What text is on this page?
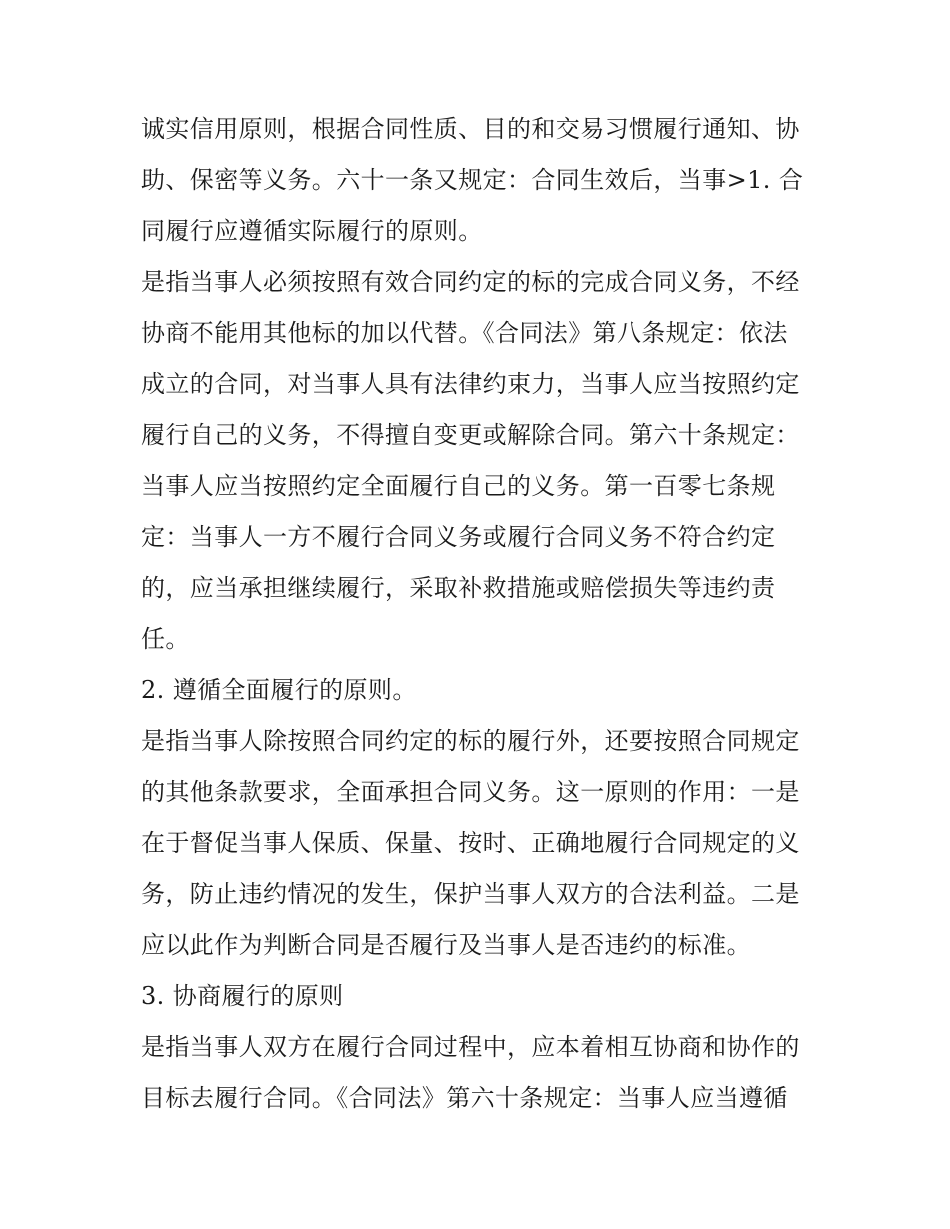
诚实信用原则，根据合同性质、目的和交易习惯履行通知、协
助、保密等义务。六十一条又规定：合同生效后，当事>1. 合
同履行应遵循实际履行的原则。
是指当事人必须按照有效合同约定的标的完成合同义务，不经
协商不能用其他标的加以代替。《合同法》第八条规定：依法
成立的合同，对当事人具有法律约束力，当事人应当按照约定
履行自己的义务，不得擅自变更或解除合同。第六十条规定：
当事人应当按照约定全面履行自己的义务。第一百零七条规
定：当事人一方不履行合同义务或履行合同义务不符合约定
的，应当承担继续履行，采取补救措施或赔偿损失等违约责
任。
2. 遵循全面履行的原则。
是指当事人除按照合同约定的标的履行外，还要按照合同规定
的其他条款要求，全面承担合同义务。这一原则的作用：一是
在于督促当事人保质、保量、按时、正确地履行合同规定的义
务，防止违约情况的发生，保护当事人双方的合法利益。二是
应以此作为判断合同是否履行及当事人是否违约的标准。
3. 协商履行的原则
是指当事人双方在履行合同过程中，应本着相互协商和协作的
目标去履行合同。《合同法》第六十条规定：当事人应当遵循
